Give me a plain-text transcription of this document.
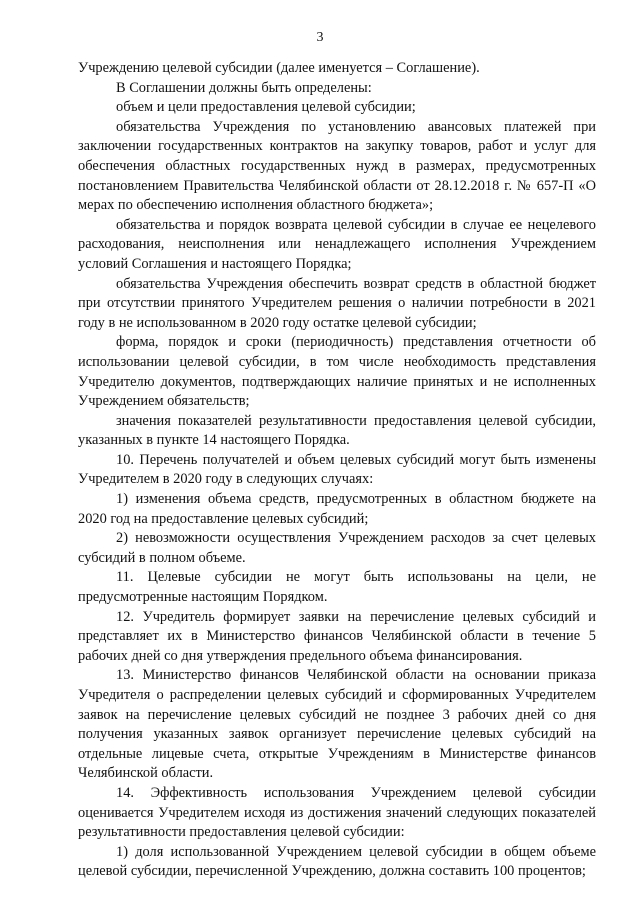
3

Учреждению целевой субсидии (далее именуется – Соглашение).

В Соглашении должны быть определены:

объем и цели предоставления целевой субсидии;

обязательства Учреждения по установлению авансовых платежей при заключении государственных контрактов на закупку товаров, работ и услуг для обеспечения областных государственных нужд в размерах, предусмотренных постановлением Правительства Челябинской области от 28.12.2018 г. № 657-П «О мерах по обеспечению исполнения областного бюджета»;

обязательства и порядок возврата целевой субсидии в случае ее нецелевого расходования, неисполнения или ненадлежащего исполнения Учреждением условий Соглашения и настоящего Порядка;

обязательства Учреждения обеспечить возврат средств в областной бюджет при отсутствии принятого Учредителем решения о наличии потребности в 2021 году в не использованном в 2020 году остатке целевой субсидии;

форма, порядок и сроки (периодичность) представления отчетности об использовании целевой субсидии, в том числе необходимость представления Учредителю документов, подтверждающих наличие принятых и не исполненных Учреждением обязательств;

значения показателей результативности предоставления целевой субсидии, указанных в пункте 14 настоящего Порядка.

10. Перечень получателей и объем целевых субсидий могут быть изменены Учредителем в 2020 году в следующих случаях:

1) изменения объема средств, предусмотренных в областном бюджете на 2020 год на предоставление целевых субсидий;

2) невозможности осуществления Учреждением расходов за счет целевых субсидий в полном объеме.

11. Целевые субсидии не могут быть использованы на цели, не предусмотренные настоящим Порядком.

12. Учредитель формирует заявки на перечисление целевых субсидий и представляет их в Министерство финансов Челябинской области в течение 5 рабочих дней со дня утверждения предельного объема финансирования.

13. Министерство финансов Челябинской области на основании приказа Учредителя о распределении целевых субсидий и сформированных Учредителем заявок на перечисление целевых субсидий не позднее 3 рабочих дней со дня получения указанных заявок организует перечисление целевых субсидий на отдельные лицевые счета, открытые Учреждениям в Министерстве финансов Челябинской области.

14. Эффективность использования Учреждением целевой субсидии оценивается Учредителем исходя из достижения значений следующих показателей результативности предоставления целевой субсидии:

1) доля использованной Учреждением целевой субсидии в общем объеме целевой субсидии, перечисленной Учреждению, должна составить 100 процентов;
